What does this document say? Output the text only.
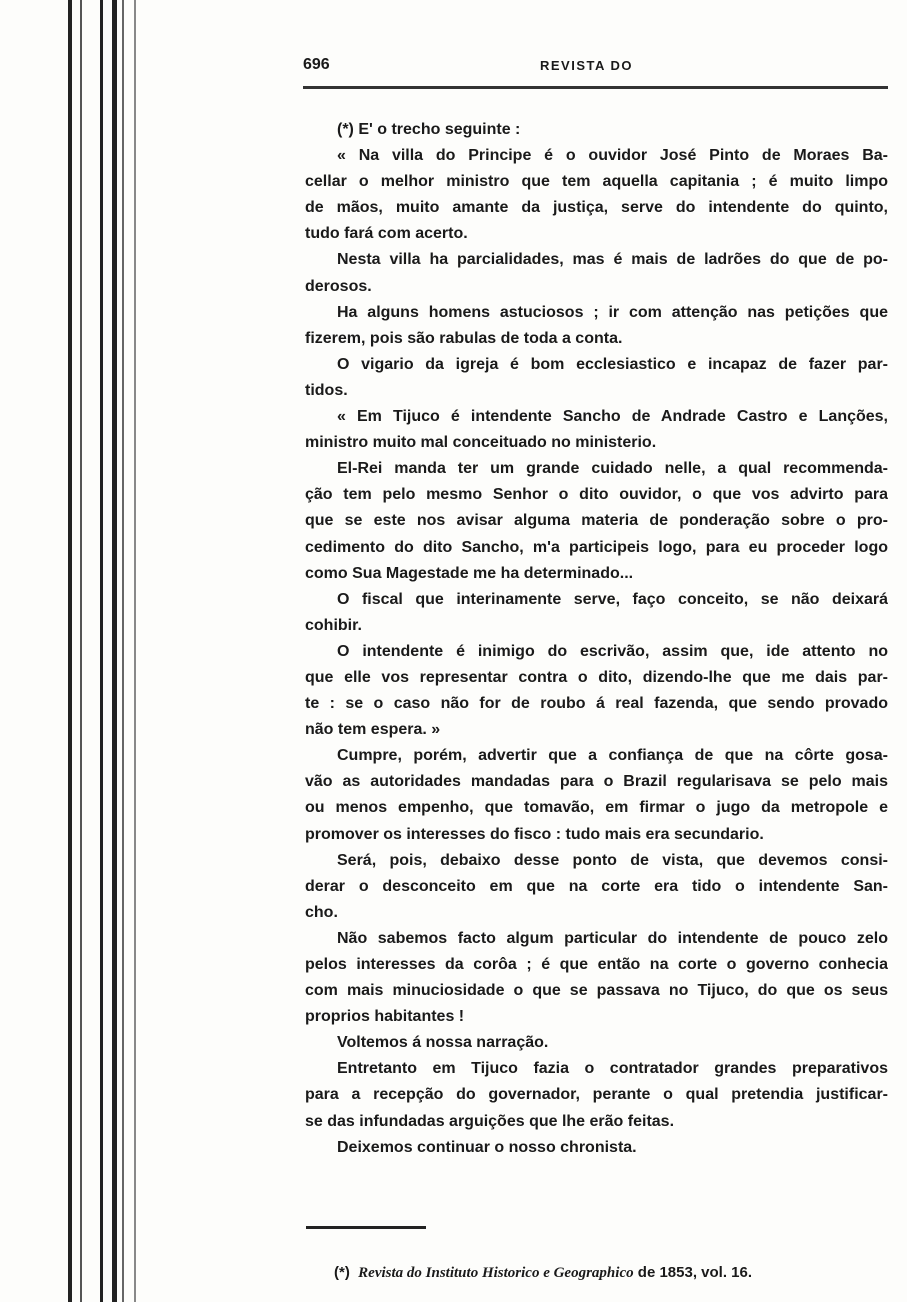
696	REVISTA DO
(*) E' o trecho seguinte :
« Na villa do Principe é o ouvidor José Pinto de Moraes Ba-
cellar o melhor ministro que tem aquella capitania ; é muito limpo
de mãos, muito amante da justiça, serve do intendente do quinto,
tudo fará com acerto.
Nesta villa ha parcialidades, mas é mais de ladrões do que de po-
derosos.
Ha alguns homens astuciosos ; ir com attenção nas petições que
fizerem, pois são rabulas de toda a conta.
O vigario da igreja é bom ecclesiastico e incapaz de fazer par-
tidos.
« Em Tijuco é intendente Sancho de Andrade Castro e Lanções,
ministro muito mal conceituado no ministerio.
El-Rei manda ter um grande cuidado nelle, a qual recommenda-
ção tem pelo mesmo Senhor o dito ouvidor, o que vos advirto para
que se este nos avisar alguma materia de ponderação sobre o pro-
cedimento do dito Sancho, m'a participeis logo, para eu proceder logo
como Sua Magestade me ha determinado...
O fiscal que interinamente serve, faço conceito, se não deixará
cohibir.
O intendente é inimigo do escrivão, assim que, ide attento no
que elle vos representar contra o dito, dizendo-lhe que me dais par-
te : se o caso não for de roubo á real fazenda, que sendo provado
não tem espera. »
Cumpre, porém, advertir que a confiança de que na côrte gosa-
vão as autoridades mandadas para o Brazil regularisava se pelo mais
ou menos empenho, que tomavão, em firmar o jugo da metropole e
promover os interesses do fisco : tudo mais era secundario.
Será, pois, debaixo desse ponto de vista, que devemos consi-
derar o desconceito em que na corte era tido o intendente San-
cho.
Não sabemos facto algum particular do intendente de pouco zelo
pelos interesses da corôa ; é que então na corte o governo conhecia
com mais minuciosidade o que se passava no Tijuco, do que os seus
proprios habitantes !
Voltemos á nossa narração.
Entretanto em Tijuco fazia o contratador grandes preparativos
para a recepção do governador, perante o qual pretendia justificar-
se das infundadas arguições que lhe erão feitas.
Deixemos continuar o nosso chronista.
(*) Revista do Instituto Historico e Geographico de 1853, vol. 16.
